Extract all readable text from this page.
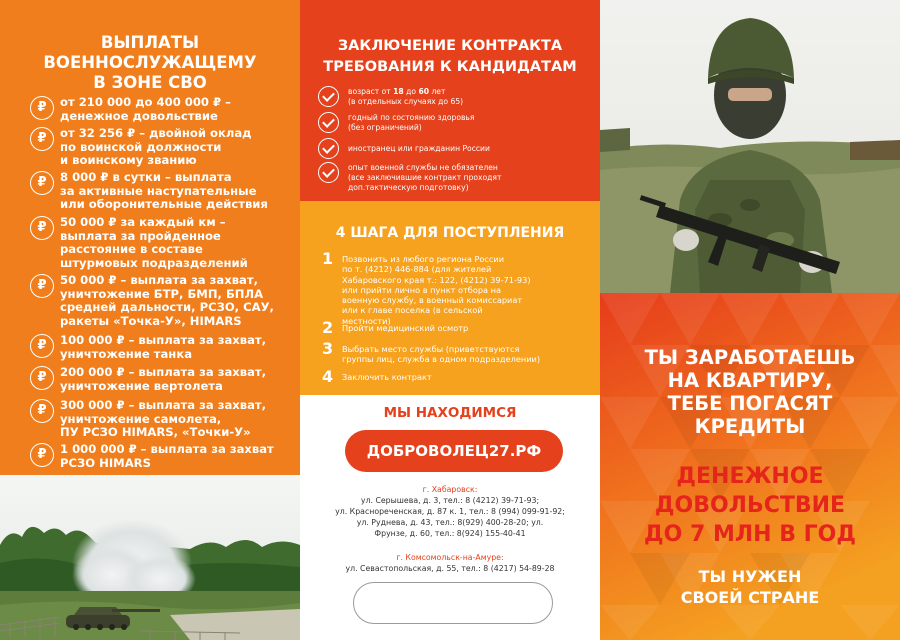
ВЫПЛАТЫ
ВОЕННОСЛУЖАЩЕМУ
В ЗОНЕ СВО
₽	от 210 000 до 400 000 ₽ –
денежное довольствие
₽	от 32 256 ₽ – двойной оклад
по воинской должности
и воинскому званию
₽	8 000 ₽ в сутки – выплата
за активные наступательные
или оборонительные действия
₽	50 000 ₽ за каждый км –
выплата за пройденное
расстояние в составе
штурмовых подразделений
₽	50 000 ₽ – выплата за захват,
уничтожение БТР, БМП, БПЛА
средней дальности, РСЗО, САУ,
ракеты «Точка-У», HIMARS
₽	100 000 ₽ – выплата за захват,
уничтожение танка
₽	200 000 ₽ – выплата за захват,
уничтожение вертолета
₽	300 000 ₽ – выплата за захват,
уничтожение самолета,
ПУ РСЗО HIMARS, «Точки-У»
₽	1 000 000 ₽ – выплата за захват
РСЗО HIMARS
ЗАКЛЮЧЕНИЕ КОНТРАКТА
ТРЕБОВАНИЯ К КАНДИДАТАМ
возраст от 18 до 60 лет
(в отдельных случаях до 65)
годный по состоянию здоровья
(без ограничений)
иностранец или гражданин России
опыт военной службы не обязателен
(все заключившие контракт проходят
доп.тактическую подготовку)
4 ШАГА ДЛЯ ПОСТУПЛЕНИЯ
1 Позвонить из любого региона России
по т. (4212) 446-884 (для жителей
Хабаровского края т.: 122, (4212) 39-71-93)
или прийти лично в пункт отбора на
военную службу, в военный комиссариат
или к главе поселка (в сельской
местности)
2 Пройти медицинский осмотр
3 Выбрать место службы (приветствуются
группы лиц, служба в одном подразделении)
4 Заключить контракт
МЫ НАХОДИМСЯ
ДОБРОВОЛЕЦ27.РФ
г. Хабаровск:
ул. Серышева, д. 3, тел.: 8 (4212) 39-71-93;
ул. Краснореченская, д. 87 к. 1, тел.: 8 (994) 099-91-92;
ул. Руднева, д. 43, тел.: 8(929) 400-28-20; ул.
Фрунзе, д. 60, тел.: 8(924) 155-40-41
г. Комсомольск-на-Амуре:
ул. Севастопольская, д. 55, тел.: 8 (4217) 54-89-28
ТЫ ЗАРАБОТАЕШЬ
НА КВАРТИРУ,
ТЕБЕ ПОГАСЯТ
КРЕДИТЫ
ДЕНЕЖНОЕ
ДОВОЛЬСТВИЕ
ДО 7 МЛН В ГОД
ТЫ НУЖЕН
СВОЕЙ СТРАНЕ
